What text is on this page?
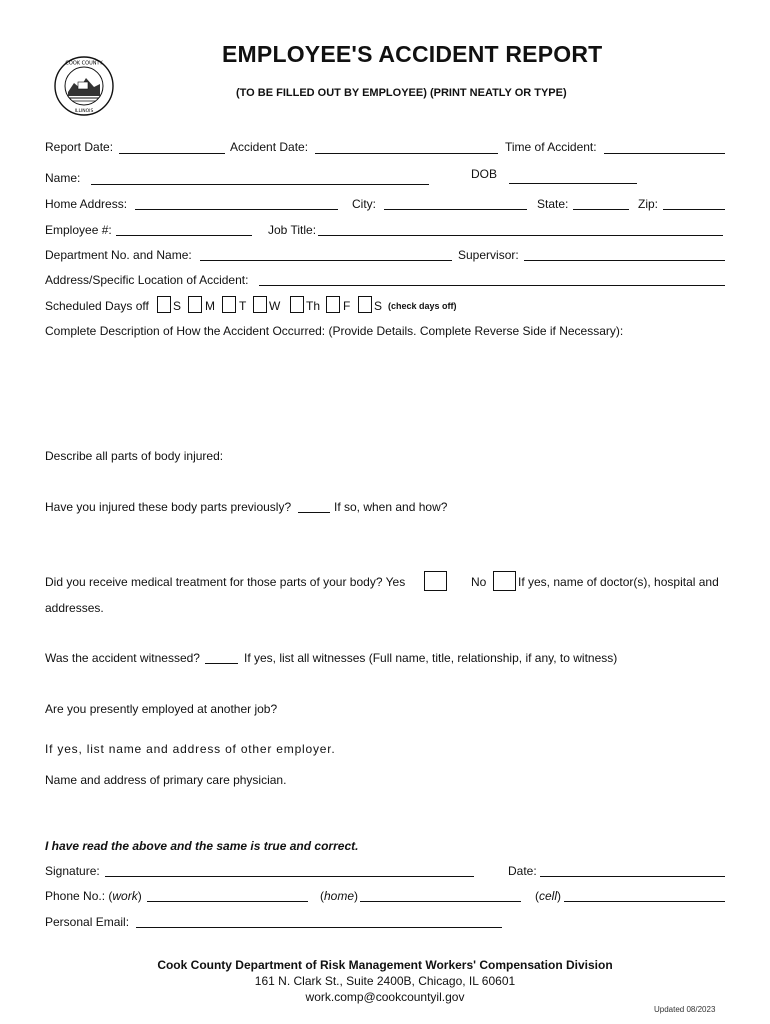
COOK COUNTY
ILLINOIS
EMPLOYEE'S ACCIDENT REPORT
(TO BE FILLED OUT BY EMPLOYEE) (PRINT NEATLY OR TYPE)
Report Date:	Accident Date:	Time of Accident:
Name:	DOB
Home Address:	City:	State:	Zip:
Employee #:	Job Title:
Department No. and Name:	Supervisor:
Address/Specific Location of Accident:
Scheduled Days off S M T W Th F S (check days off)
Complete Description of How the Accident Occurred: (Provide Details. Complete Reverse Side if Necessary):
Describe all parts of body injured:
Have you injured these body parts previously?	If so, when and how?
Did you receive medical treatment for those parts of your body? Yes	No	If yes, name of doctor(s), hospital and
addresses.
Was the accident witnessed?	If yes, list all witnesses (Full name, title, relationship, if any, to witness)
Are you presently employed at another job?
If yes, list name and address of other employer.
Name and address of primary care physician.
I have read the above and the same is true and correct.
Signature:	Date:
Phone No.: (work)	(home)	(cell)
Personal Email:
Cook County Department of Risk Management Workers' Compensation Division
161 N. Clark St., Suite 2400B, Chicago, IL 60601
work.comp@cookcountyil.gov
Updated 08/2023
